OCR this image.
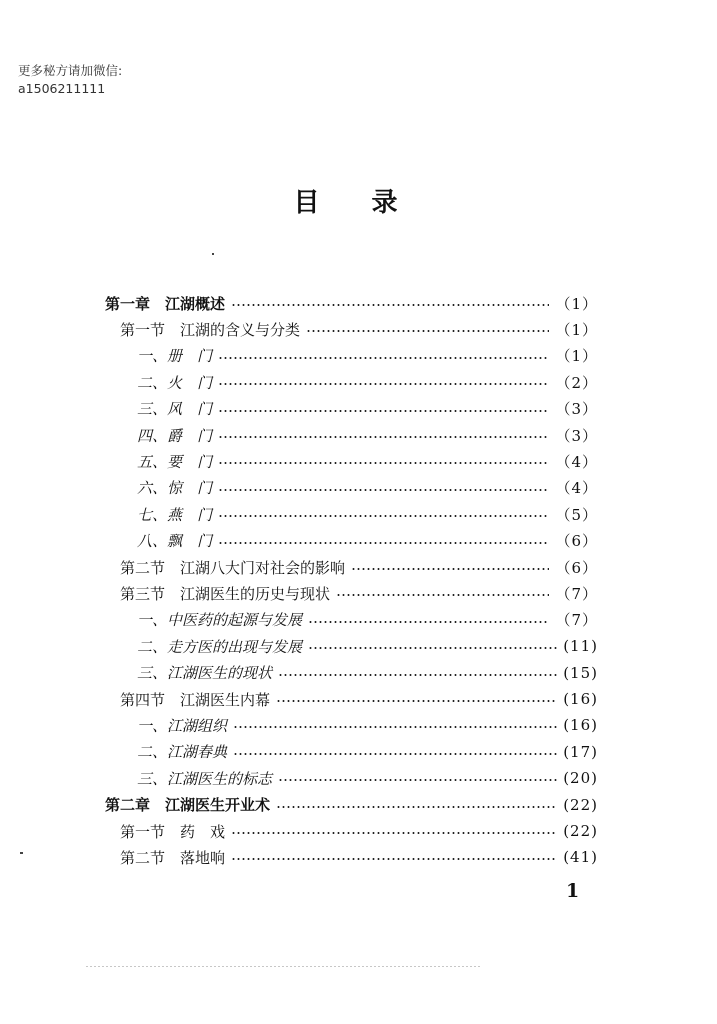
更多秘方请加微信:
a1506211111
目录
第一章　江湖概述	（1）
第一节　江湖的含义与分类	（1）
一、册　门	（1）
二、火　门	（2）
三、风　门	（3）
四、爵　门	（3）
五、要　门	（4）
六、惊　门	（4）
七、燕　门	（5）
八、飘　门	（6）
第二节　江湖八大门对社会的影响	（6）
第三节　江湖医生的历史与现状	（7）
一、中医药的起源与发展	（7）
二、走方医的出现与发展	(11)
三、江湖医生的现状	(15)
第四节　江湖医生内幕	(16)
一、江湖组织	(16)
二、江湖春典	(17)
三、江湖医生的标志	(20)
第二章　江湖医生开业术	(22)
第一节　药　戏	(22)
第二节　落地响	(41)
1
